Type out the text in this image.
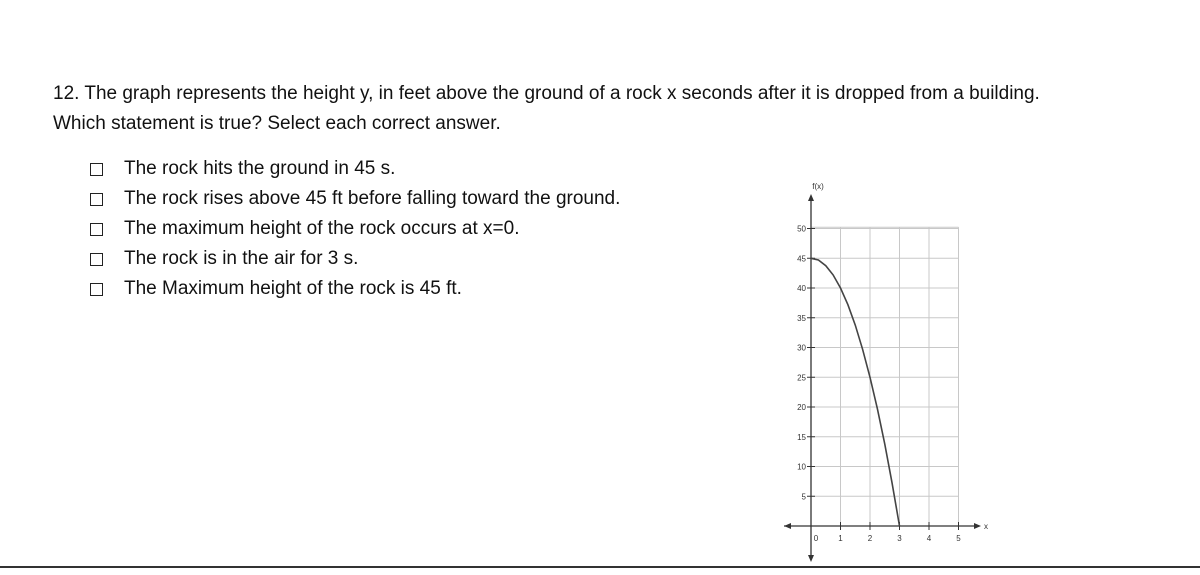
12. The graph represents the height y, in feet above the ground of a rock x seconds after it is dropped from a building.
Which statement is true? Select each correct answer.
The rock hits the ground in 45 s.
The rock rises above 45 ft before falling toward the ground.
The maximum height of the rock occurs at x=0.
The rock is in the air for 3 s.
The Maximum height of the rock is 45 ft.
5
10
15
20
25
30
35
40
45
50
0	1	2	3	4	5
f(x)
x
